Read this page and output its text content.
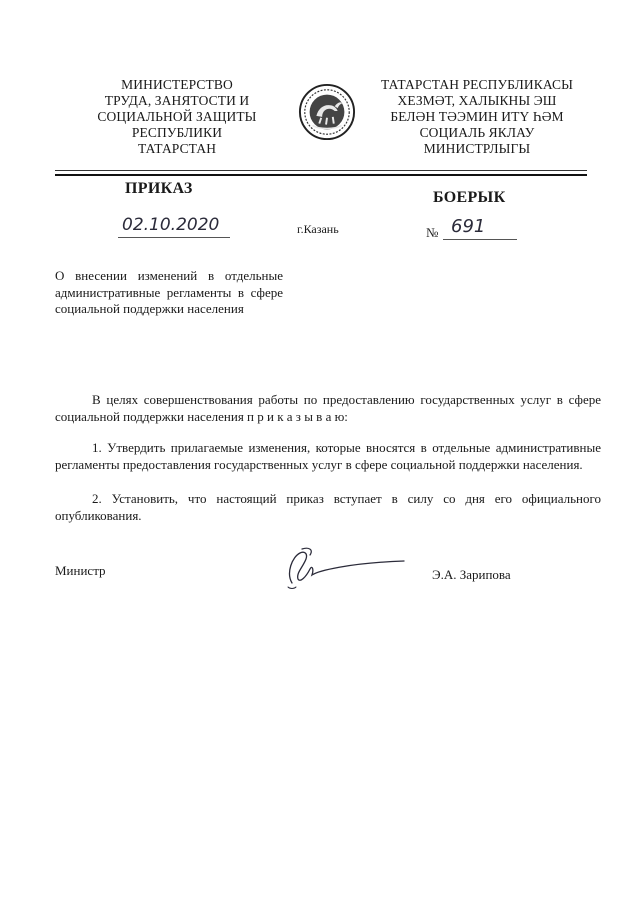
МИНИСТЕРСТВО
ТРУДА, ЗАНЯТОСТИ И
СОЦИАЛЬНОЙ ЗАЩИТЫ
РЕСПУБЛИКИ
ТАТАРСТАН
ТАТАРСТАН РЕСПУБЛИКАСЫ
ХЕЗМӘТ, ХАЛЫКНЫ ЭШ
БЕЛӘН ТӘЭМИН ИТҮ ҺӘМ
СОЦИАЛЬ ЯКЛАУ
МИНИСТРЛЫГЫ
ПРИКАЗ
БОЕРЫК
02.10.2020	г.Казань	№ 691
О внесении изменений в отдельные административные регламенты в сфере социальной поддержки населения
В целях совершенствования работы по предоставлению государственных услуг в сфере социальной поддержки населения п р и к а з ы в а ю:
1. Утвердить прилагаемые изменения, которые вносятся в отдельные административные регламенты предоставления государственных услуг в сфере социальной поддержки населения.
2. Установить, что настоящий приказ вступает в силу со дня его официального опубликования.
Министр	Э.А. Зарипова
